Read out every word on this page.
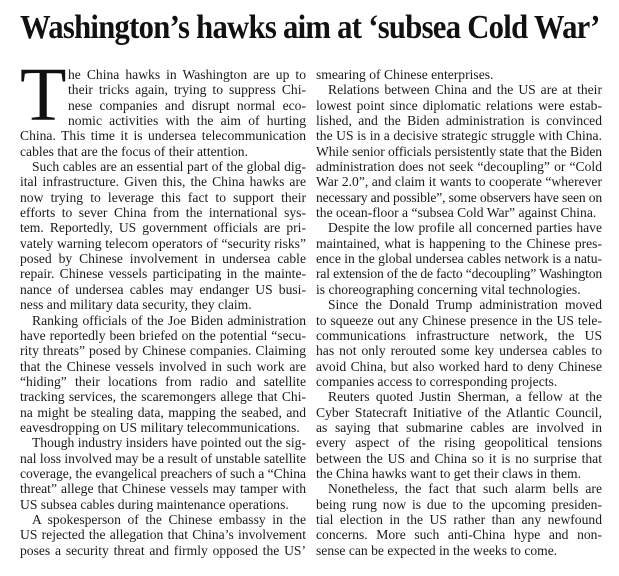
Washington’s hawks aim at ‘subsea Cold War’
T he China hawks in Washington are up to
their tricks again, trying to suppress Chi-
nese companies and disrupt normal eco-
nomic activities with the aim of hurting
China. This time it is undersea telecommunication
cables that are the focus of their attention.
Such cables are an essential part of the global dig-
ital infrastructure. Given this, the China hawks are
now trying to leverage this fact to support their
efforts to sever China from the international sys-
tem. Reportedly, US government officials are pri-
vately warning telecom operators of “security risks”
posed by Chinese involvement in undersea cable
repair. Chinese vessels participating in the mainte-
nance of undersea cables may endanger US busi-
ness and military data security, they claim.
Ranking officials of the Joe Biden administration
have reportedly been briefed on the potential “secu-
rity threats” posed by Chinese companies. Claiming
that the Chinese vessels involved in such work are
“hiding” their locations from radio and satellite
tracking services, the scaremongers allege that Chi-
na might be stealing data, mapping the seabed, and
eavesdropping on US military telecommunications.
Though industry insiders have pointed out the sig-
nal loss involved may be a result of unstable satellite
coverage, the evangelical preachers of such a “China
threat” allege that Chinese vessels may tamper with
US subsea cables during maintenance operations.
A spokesperson of the Chinese embassy in the
US rejected the allegation that China’s involvement
poses a security threat and firmly opposed the US’
smearing of Chinese enterprises.
Relations between China and the US are at their
lowest point since diplomatic relations were estab-
lished, and the Biden administration is convinced
the US is in a decisive strategic struggle with China.
While senior officials persistently state that the Biden
administration does not seek “decoupling” or “Cold
War 2.0”, and claim it wants to cooperate “wherever
necessary and possible”, some observers have seen on
the ocean-floor a “subsea Cold War” against China.
Despite the low profile all concerned parties have
maintained, what is happening to the Chinese pres-
ence in the global undersea cables network is a natu-
ral extension of the de facto “decoupling” Washington
is choreographing concerning vital technologies.
Since the Donald Trump administration moved
to squeeze out any Chinese presence in the US tele-
communications infrastructure network, the US
has not only rerouted some key undersea cables to
avoid China, but also worked hard to deny Chinese
companies access to corresponding projects.
Reuters quoted Justin Sherman, a fellow at the
Cyber Statecraft Initiative of the Atlantic Council,
as saying that submarine cables are involved in
every aspect of the rising geopolitical tensions
between the US and China so it is no surprise that
the China hawks want to get their claws in them.
Nonetheless, the fact that such alarm bells are
being rung now is due to the upcoming presiden-
tial election in the US rather than any newfound
concerns. More such anti-China hype and non-
sense can be expected in the weeks to come.
